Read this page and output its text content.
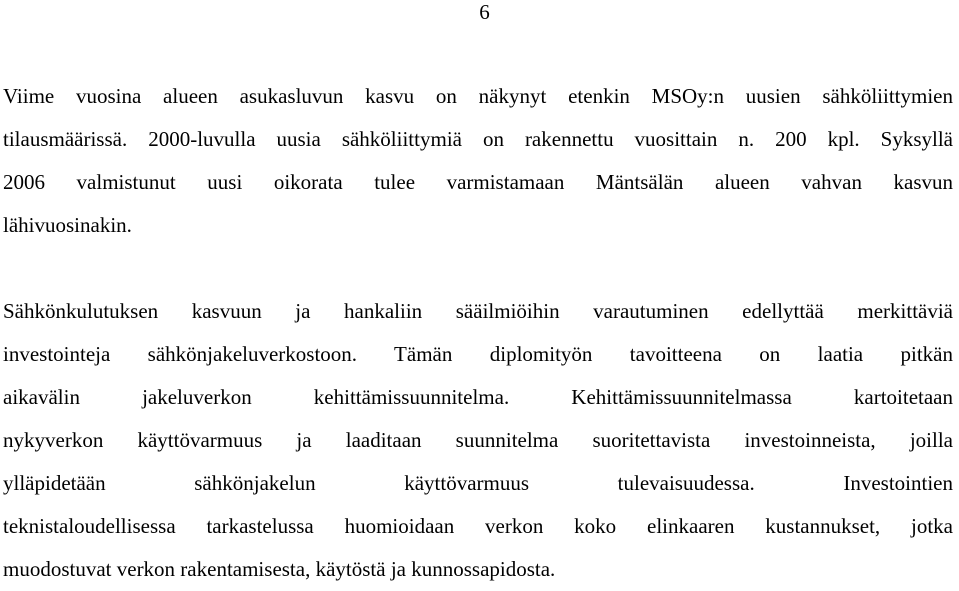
6
Viime vuosina alueen asukasluvun kasvu on näkynyt etenkin MSOy:n uusien sähköliittymien
tilausmäärissä. 2000-luvulla uusia sähköliittymiä on rakennettu vuosittain n. 200 kpl. Syksyllä
2006 valmistunut uusi oikorata tulee varmistamaan Mäntsälän alueen vahvan kasvun
lähivuosinakin.
Sähkönkulutuksen kasvuun ja hankaliin sääilmiöihin varautuminen edellyttää merkittäviä
investointeja sähkönjakeluverkostoon. Tämän diplomityön tavoitteena on laatia pitkän
aikavälin jakeluverkon kehittämissuunnitelma. Kehittämissuunnitelmassa kartoitetaan
nykyverkon käyttövarmuus ja laaditaan suunnitelma suoritettavista investoinneista, joilla
ylläpidetään sähkönjakelun käyttövarmuus tulevaisuudessa. Investointien
teknistaloudellisessa tarkastelussa huomioidaan verkon koko elinkaaren kustannukset, jotka
muodostuvat verkon rakentamisesta, käytöstä ja kunnossapidosta.
